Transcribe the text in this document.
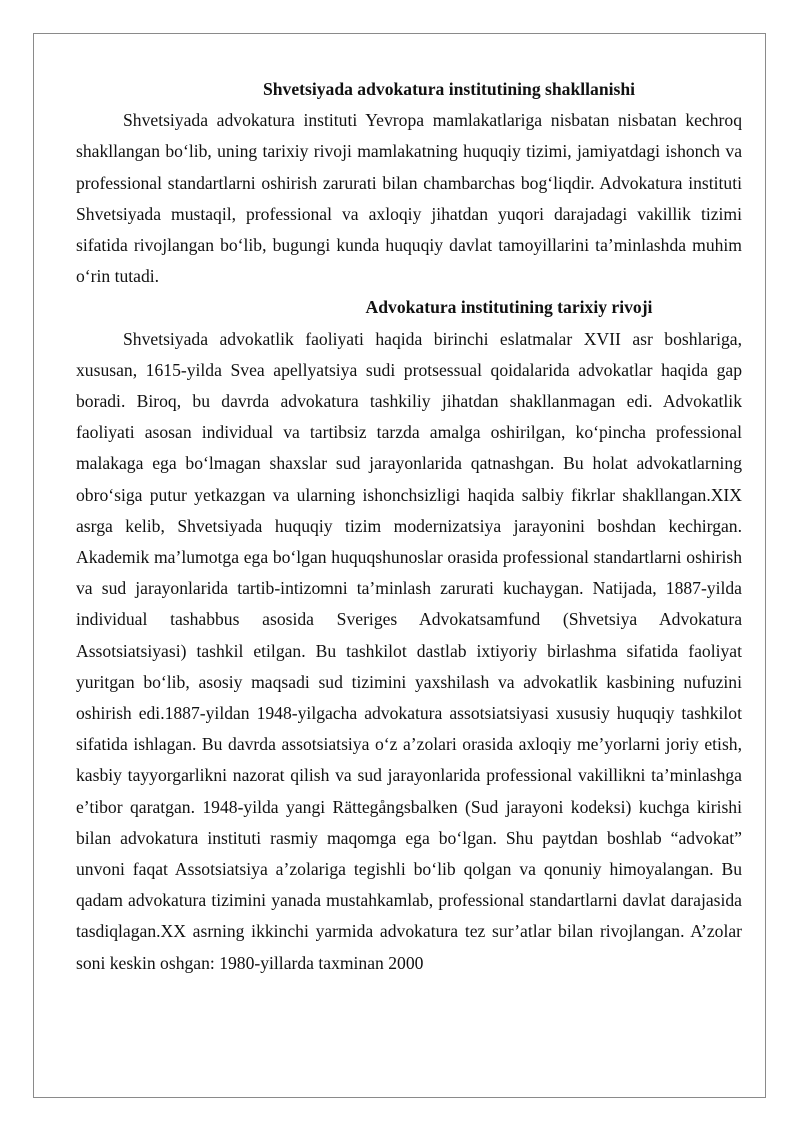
Shvetsiyada advokatura institutining shakllanishi

Shvetsiyada advokatura instituti Yevropa mamlakatlariga nisbatan nisbatan kechroq shakllangan bo‘lib, uning tarixiy rivoji mamlakatning huquqiy tizimi, jamiyatdagi ishonch va professional standartlarni oshirish zarurati bilan chambarchas bog‘liqdir. Advokatura instituti Shvetsiyada mustaqil, professional va axloqiy jihatdan yuqori darajadagi vakillik tizimi sifatida rivojlangan bo‘lib, bugungi kunda huquqiy davlat tamoyillarini ta’minlashda muhim o‘rin tutadi.

Advokatura institutining tarixiy rivoji

Shvetsiyada advokatlik faoliyati haqida birinchi eslatmalar XVII asr boshlariga, xususan, 1615-yilda Svea apellyatsiya sudi protsessual qoidalarida advokatlar haqida gap boradi. Biroq, bu davrda advokatura tashkiliy jihatdan shakllanmagan edi. Advokatlik faoliyati asosan individual va tartibsiz tarzda amalga oshirilgan, ko‘pincha professional malakaga ega bo‘lmagan shaxslar sud jarayonlarida qatnashgan. Bu holat advokatlarning obro‘siga putur yetkazgan va ularning ishonchsizligi haqida salbiy fikrlar shakllangan.XIX asrga kelib, Shvetsiyada huquqiy tizim modernizatsiya jarayonini boshdan kechirgan. Akademik ma’lumotga ega bo‘lgan huquqshunoslar orasida professional standartlarni oshirish va sud jarayonlarida tartib-intizomni ta’minlash zarurati kuchaygan. Natijada, 1887-yilda individual tashabbus asosida Sveriges Advokatsamfund (Shvetsiya Advokatura Assotsiatsiyasi) tashkil etilgan. Bu tashkilot dastlab ixtiyoriy birlashma sifatida faoliyat yuritgan bo‘lib, asosiy maqsadi sud tizimini yaxshilash va advokatlik kasbining nufuzini oshirish edi.1887-yildan 1948-yilgacha advokatura assotsiatsiyasi xususiy huquqiy tashkilot sifatida ishlagan. Bu davrda assotsiatsiya o‘z a’zolari orasida axloqiy me’yorlarni joriy etish, kasbiy tayyorgarlikni nazorat qilish va sud jarayonlarida professional vakillikni ta’minlashga e’tibor qaratgan. 1948-yilda yangi Rättegångsbalken (Sud jarayoni kodeksi) kuchga kirishi bilan advokatura instituti rasmiy maqomga ega bo‘lgan. Shu paytdan boshlab “advokat” unvoni faqat Assotsiatsiya a’zolariga tegishli bo‘lib qolgan va qonuniy himoyalangan. Bu qadam advokatura tizimini yanada mustahkamlab, professional standartlarni davlat darajasida tasdiqlagan.XX asrning ikkinchi yarmida advokatura tez sur’atlar bilan rivojlangan. A’zolar soni keskin oshgan: 1980-yillarda taxminan 2000
